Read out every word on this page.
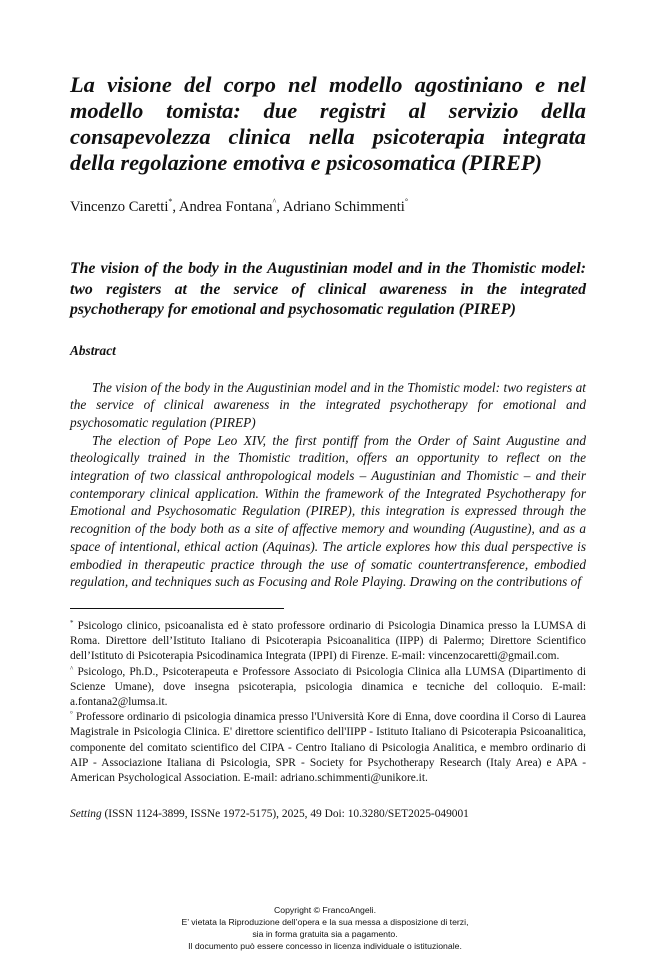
La visione del corpo nel modello agostiniano e nel modello tomista: due registri al servizio della consapevolezza clinica nella psicoterapia integrata della regolazione emotiva e psicosomatica (PIREP)
Vincenzo Caretti*, Andrea Fontana^, Adriano Schimmenti°
The vision of the body in the Augustinian model and in the Thomistic model: two registers at the service of clinical awareness in the integrated psychotherapy for emotional and psychosomatic regulation (PIREP)
Abstract

The vision of the body in the Augustinian model and in the Thomistic model: two registers at the service of clinical awareness in the integrated psychotherapy for emotional and psychosomatic regulation (PIREP)

The election of Pope Leo XIV, the first pontiff from the Order of Saint Augustine and theologically trained in the Thomistic tradition, offers an opportunity to reflect on the integration of two classical anthropological models – Augustinian and Thomistic – and their contemporary clinical application. Within the framework of the Integrated Psychotherapy for Emotional and Psychosomatic Regulation (PIREP), this integration is expressed through the recognition of the body both as a site of affective memory and wounding (Augustine), and as a space of intentional, ethical action (Aquinas). The article explores how this dual perspective is embodied in therapeutic practice through the use of somatic countertransference, embodied regulation, and techniques such as Focusing and Role Playing. Drawing on the contributions of

* Psicologo clinico, psicoanalista ed è stato professore ordinario di Psicologia Dinamica presso la LUMSA di Roma. Direttore dell’Istituto Italiano di Psicoterapia Psicoanalitica (IIPP) di Palermo; Direttore Scientifico dell’Istituto di Psicoterapia Psicodinamica Integrata (IPPI) di Firenze. E-mail: vincenzocaretti@gmail.com.

^ Psicologo, Ph.D., Psicoterapeuta e Professore Associato di Psicologia Clinica alla LUMSA (Dipartimento di Scienze Umane), dove insegna psicoterapia, psicologia dinamica e tecniche del colloquio. E-mail: a.fontana2@lumsa.it.

° Professore ordinario di psicologia dinamica presso l'Università Kore di Enna, dove coordina il Corso di Laurea Magistrale in Psicologia Clinica. E' direttore scientifico dell'IIPP - Istituto Italiano di Psicoterapia Psicoanalitica, componente del comitato scientifico del CIPA - Centro Italiano di Psicologia Analitica, e membro ordinario di AIP - Associazione Italiana di Psicologia, SPR - Society for Psychotherapy Research (Italy Area) e APA - American Psychological Association. E-mail: adriano.schimmenti@unikore.it.

Setting (ISSN 1124-3899, ISSNe 1972-5175), 2025, 49 Doi: 10.3280/SET2025-049001
Copyright © FrancoAngeli.
E’ vietata la Riproduzione dell’opera e la sua messa a disposizione di terzi,
sia in forma gratuita sia a pagamento.
Il documento può essere concesso in licenza individuale o istituzionale.
